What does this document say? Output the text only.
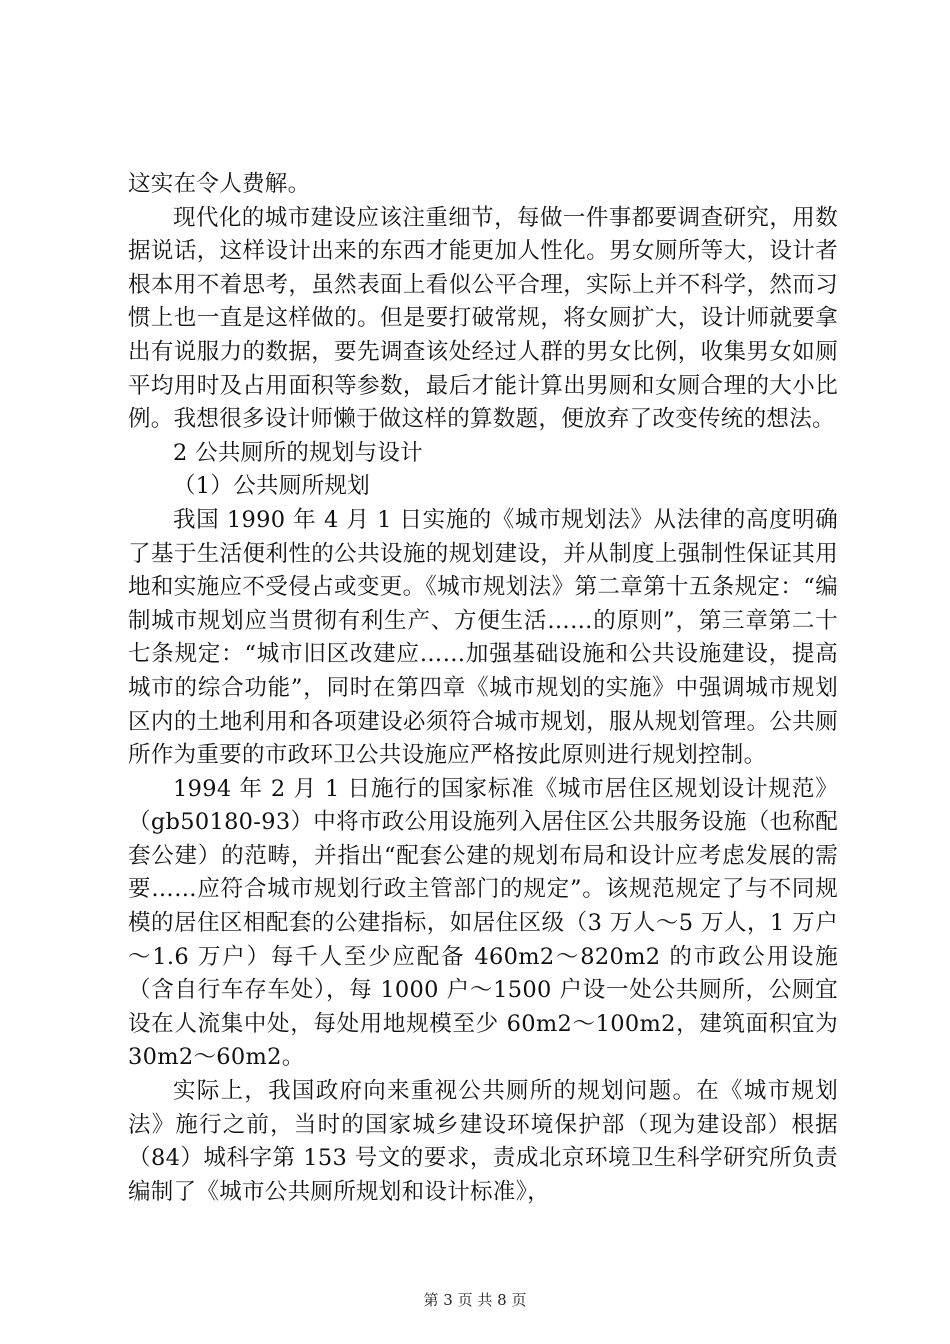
这实在令人费解。

现代化的城市建设应该注重细节，每做一件事都要调查研究，用数据说话，这样设计出来的东西才能更加人性化。男女厕所等大，设计者根本用不着思考，虽然表面上看似公平合理，实际上并不科学，然而习惯上也一直是这样做的。但是要打破常规，将女厕扩大，设计师就要拿出有说服力的数据，要先调查该处经过人群的男女比例，收集男女如厕平均用时及占用面积等参数，最后才能计算出男厕和女厕合理的大小比例。我想很多设计师懒于做这样的算数题，便放弃了改变传统的想法。

2 公共厕所的规划与设计

（1）公共厕所规划

我国 1990 年 4 月 1 日实施的《城市规划法》从法律的高度明确了基于生活便利性的公共设施的规划建设，并从制度上强制性保证其用地和实施应不受侵占或变更。《城市规划法》第二章第十五条规定：“编制城市规划应当贯彻有利生产、方便生活……的原则”，第三章第二十七条规定：“城市旧区改建应……加强基础设施和公共设施建设，提高城市的综合功能”，同时在第四章《城市规划的实施》中强调城市规划区内的土地利用和各项建设必须符合城市规划，服从规划管理。公共厕所作为重要的市政环卫公共设施应严格按此原则进行规划控制。

1994 年 2 月 1 日施行的国家标准《城市居住区规划设计规范》（gb50180-93）中将市政公用设施列入居住区公共服务设施（也称配套公建）的范畴，并指出“配套公建的规划布局和设计应考虑发展的需要……应符合城市规划行政主管部门的规定”。该规范规定了与不同规模的居住区相配套的公建指标，如居住区级（3 万人～5 万人，1 万户～1.6 万户）每千人至少应配备 460m2～820m2 的市政公用设施（含自行车存车处），每 1000 户～1500 户设一处公共厕所，公厕宜设在人流集中处，每处用地规模至少 60m2～100m2，建筑面积宜为 30m2～60m2。

实际上，我国政府向来重视公共厕所的规划问题。在《城市规划法》施行之前，当时的国家城乡建设环境保护部（现为建设部）根据（84）城科字第 153 号文的要求，责成北京环境卫生科学研究所负责编制了《城市公共厕所规划和设计标准》，

第 3 页 共 8 页
